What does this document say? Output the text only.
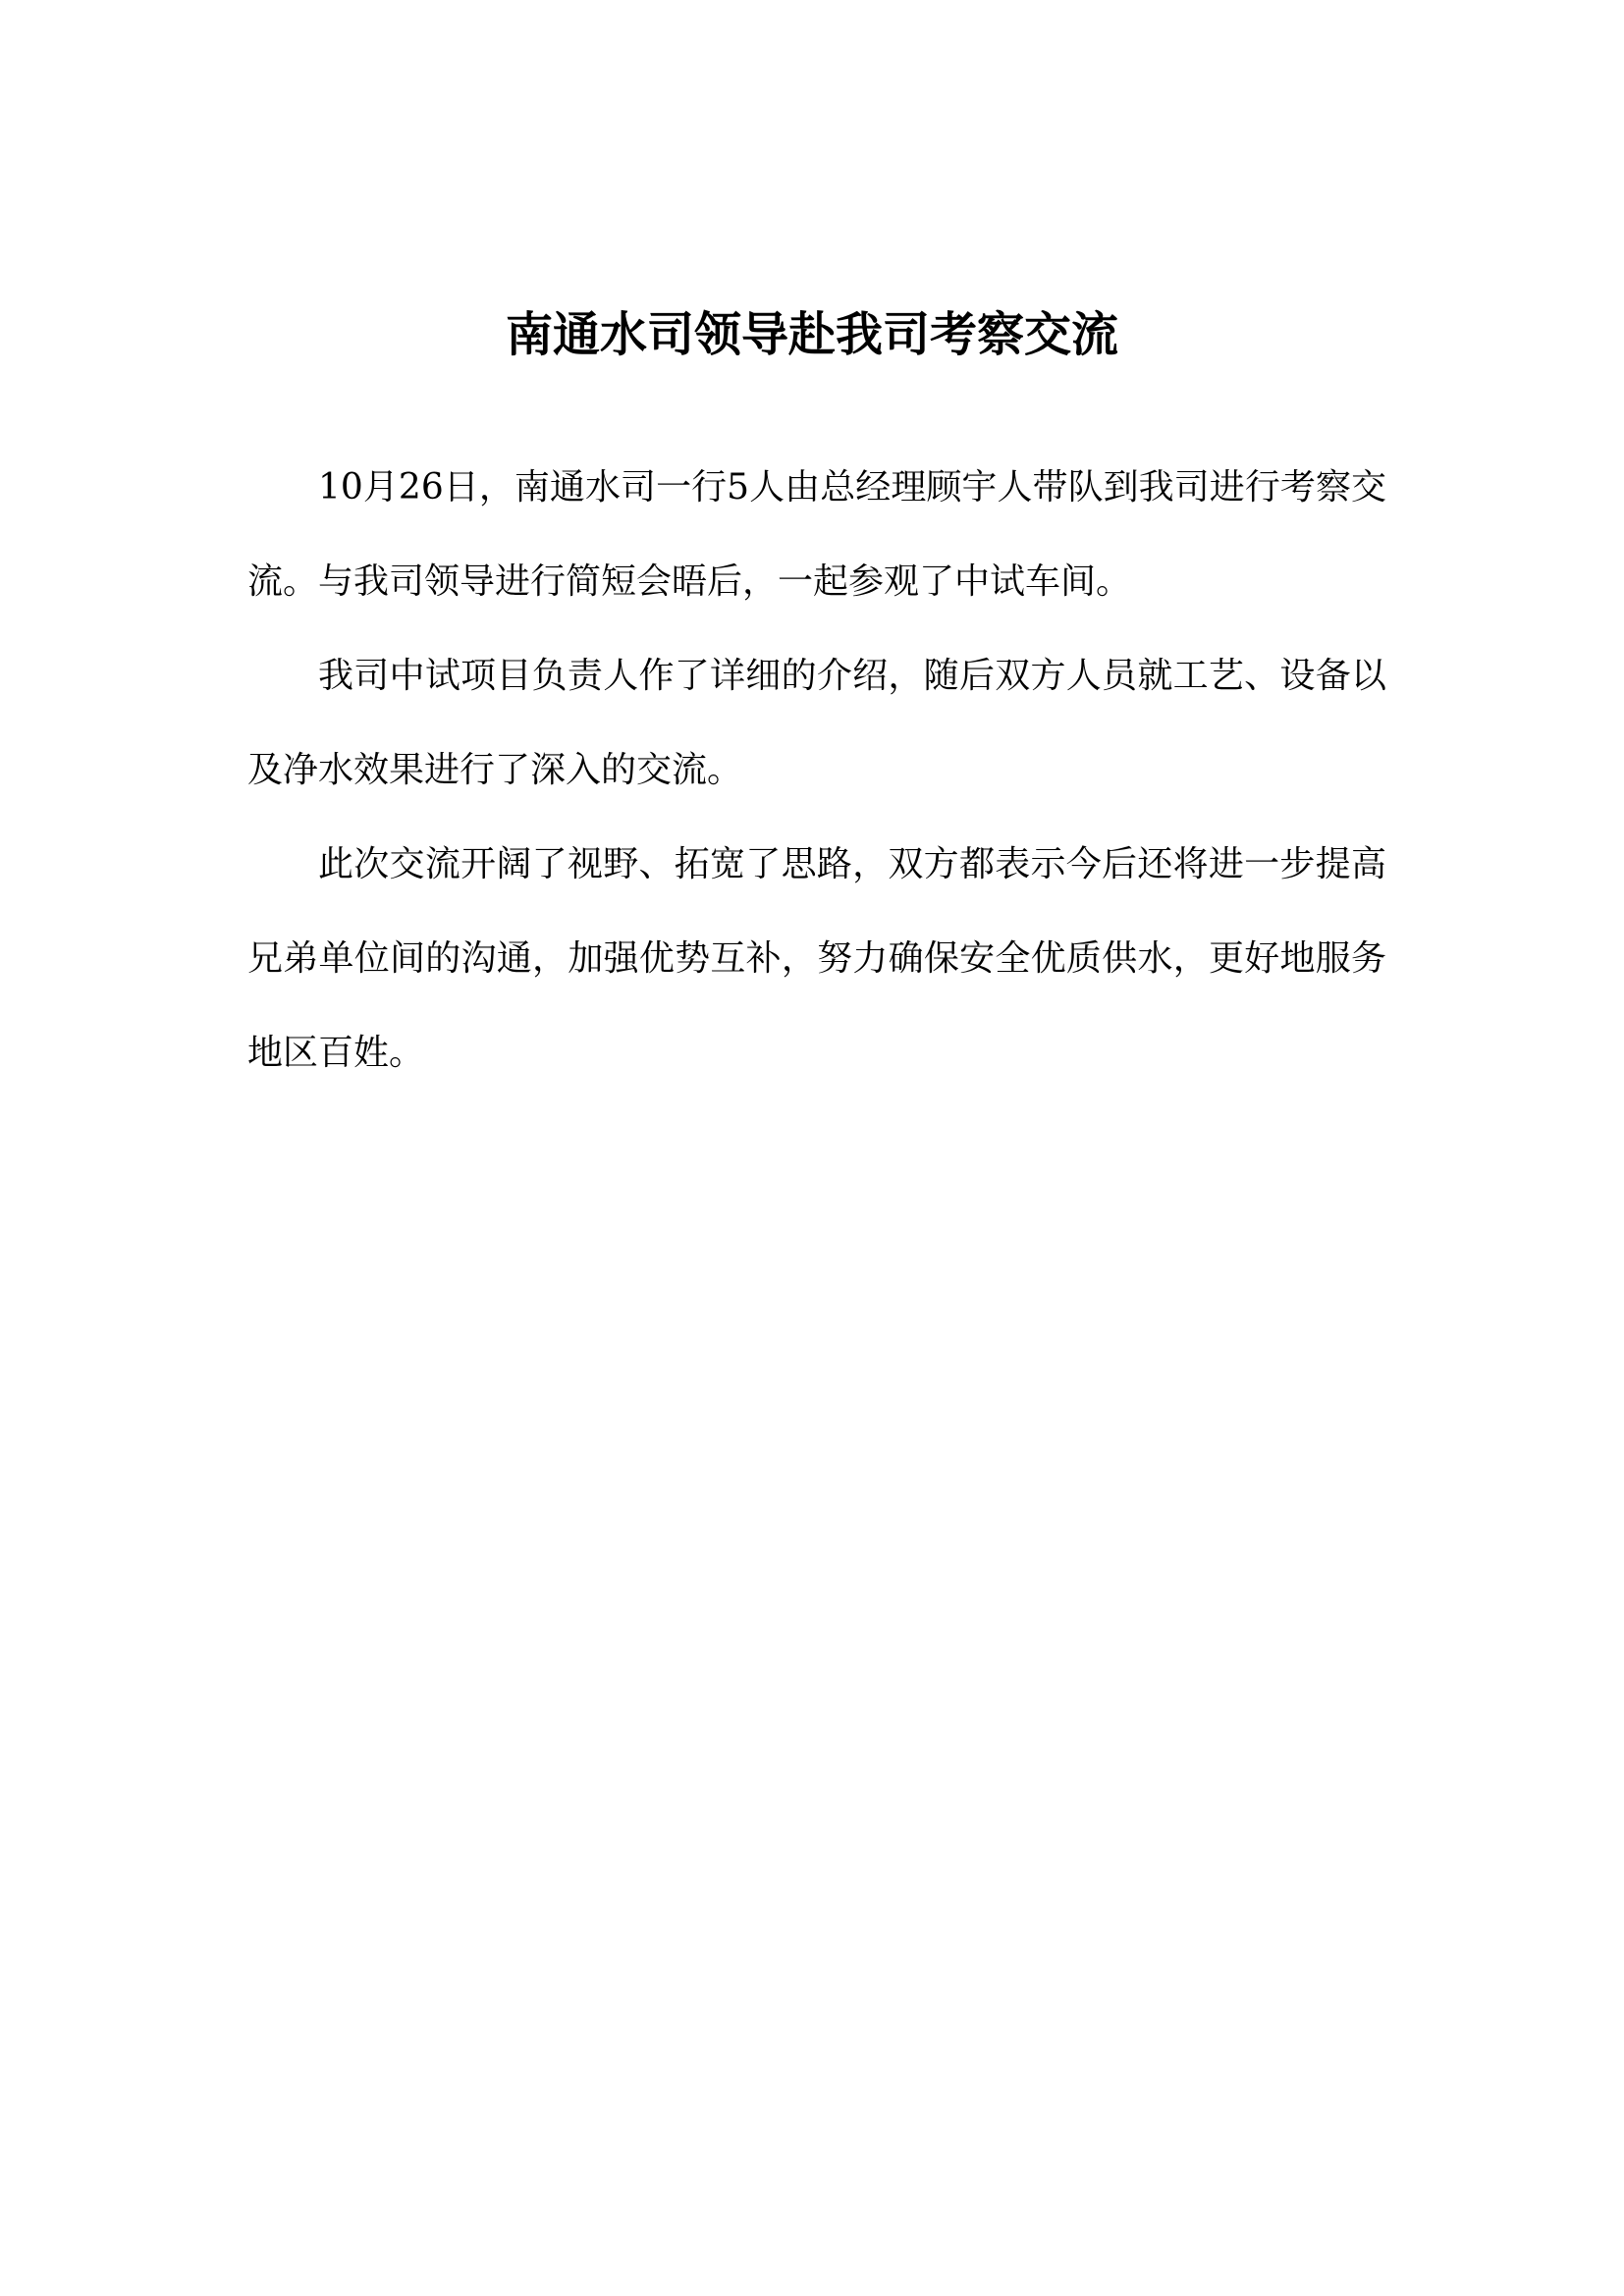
南通水司领导赴我司考察交流

10月26日，南通水司一行5人由总经理顾宇人带队到我司进行考察交流。与我司领导进行简短会晤后，一起参观了中试车间。

我司中试项目负责人作了详细的介绍，随后双方人员就工艺、设备以及净水效果进行了深入的交流。

此次交流开阔了视野、拓宽了思路，双方都表示今后还将进一步提高兄弟单位间的沟通，加强优势互补，努力确保安全优质供水，更好地服务地区百姓。
